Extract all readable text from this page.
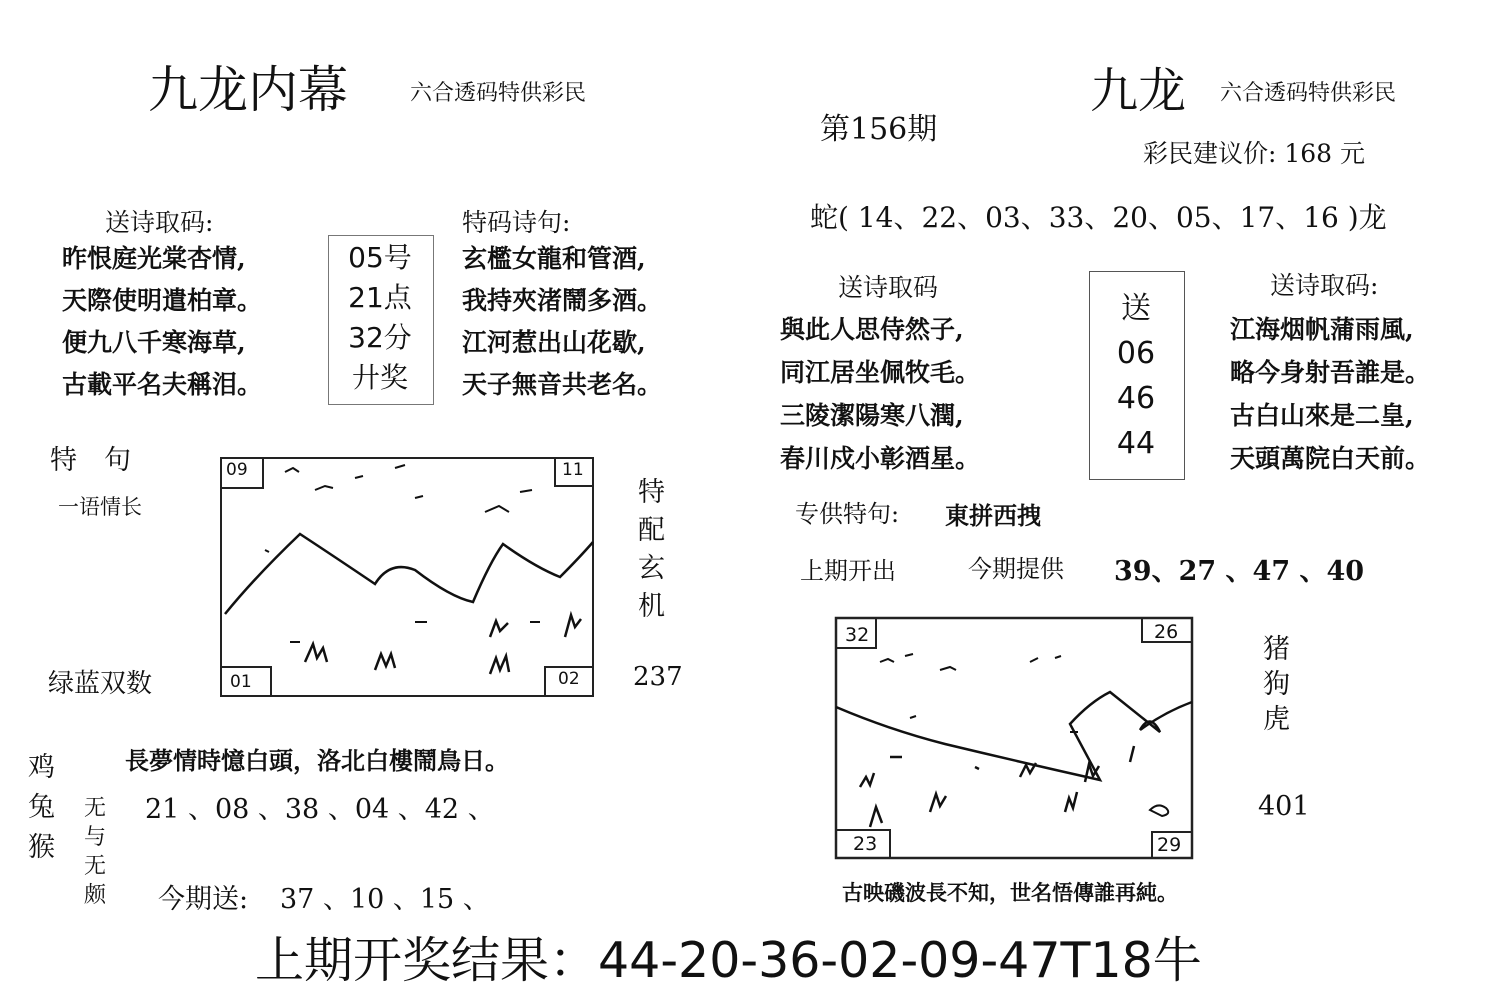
九龙内幕	六合透码特供彩民
送诗取码:
昨恨庭光棠杏情,
天際使明遣柏章。
便九八千寒海草,
古載平名夫稱泪。
05号
21点
32分
廾奖
特码诗句:
玄檻女龍和管酒,
我持夾渚鬧多酒。
江河惹出山花歇,
天子無音共老名。
特　句
一语情长
绿蓝双数
09	11
01	02
特
配
玄
机
237
長夢情時憶白頭，洛北白樓鬧鳥日。
鸡
兔
猴
无
与
无
颇
21 、08 、38 、04 、42 、
今期送: 37 、10 、15 、
第156期
九龙 六合透码特供彩民
彩民建议价: 168 元
蛇( 14、22、03、33、20、05、17、16 )龙
送诗取码	送诗取码:
與此人思侍然子,
同江居坐佩牧毛。
三陵潔陽寒八潤,
春川戍小彰酒星。
送
06
46
44
江海烟帆蒲雨風,
略今身射吾誰是。
古白山來是二皇,
天頭萬院白天前。
专供特句: 東拼西拽
上期开出	今期提供 39、27 、47 、40
32	26
23	29
猪
狗
虎
401
古映磯波長不知，世名悟傳誰再純。
上期开奖结果：44-20-36-02-09-47T18牛
